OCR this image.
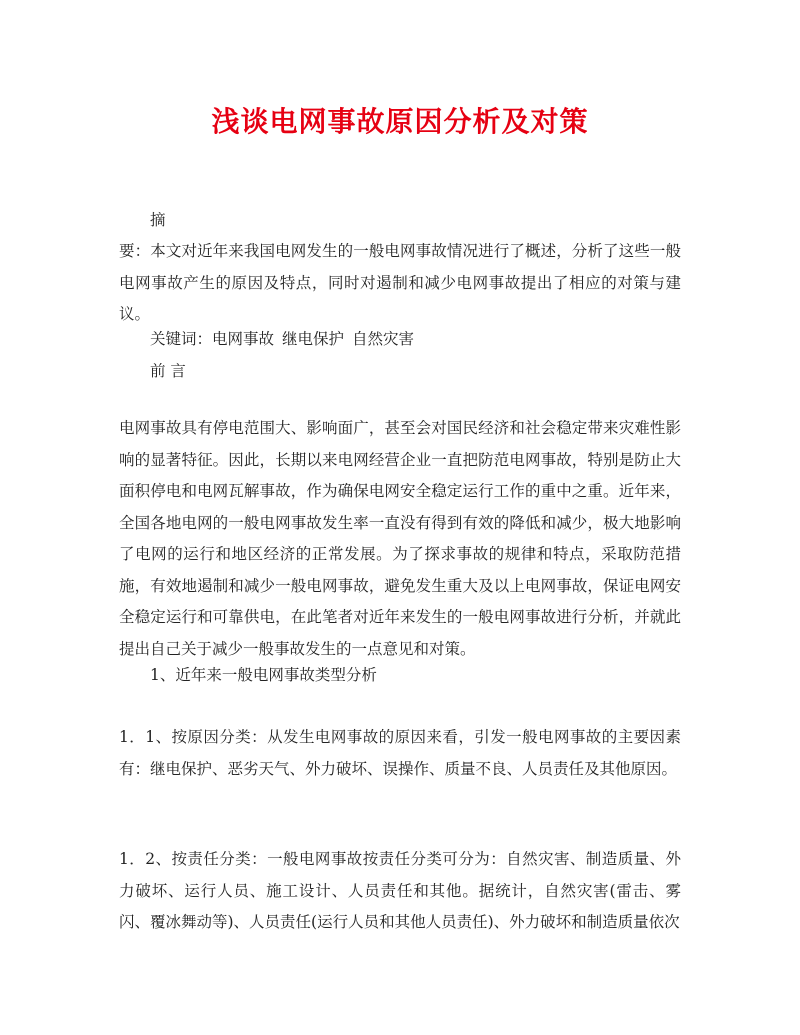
浅谈电网事故原因分析及对策

摘

要：本文对近年来我国电网发生的一般电网事故情况进行了概述，分析了这些一般电网事故产生的原因及特点，同时对遏制和减少电网事故提出了相应的对策与建议。

关键词：电网事故 继电保护 自然灾害

前 言

电网事故具有停电范围大、影响面广，甚至会对国民经济和社会稳定带来灾难性影响的显著特征。因此，长期以来电网经营企业一直把防范电网事故，特别是防止大面积停电和电网瓦解事故，作为确保电网安全稳定运行工作的重中之重。近年来，全国各地电网的一般电网事故发生率一直没有得到有效的降低和减少，极大地影响了电网的运行和地区经济的正常发展。为了探求事故的规律和特点，采取防范措施，有效地遏制和减少一般电网事故，避免发生重大及以上电网事故，保证电网安全稳定运行和可靠供电，在此笔者对近年来发生的一般电网事故进行分析，并就此提出自己关于减少一般事故发生的一点意见和对策。

1、近年来一般电网事故类型分析

1．1、按原因分类：从发生电网事故的原因来看，引发一般电网事故的主要因素有：继电保护、恶劣天气、外力破坏、误操作、质量不良、人员责任及其他原因。

1．2、按责任分类：一般电网事故按责任分类可分为：自然灾害、制造质量、外力破坏、运行人员、施工设计、人员责任和其他。据统计，自然灾害(雷击、雾闪、覆冰舞动等)、人员责任(运行人员和其他人员责任)、外力破坏和制造质量依次
